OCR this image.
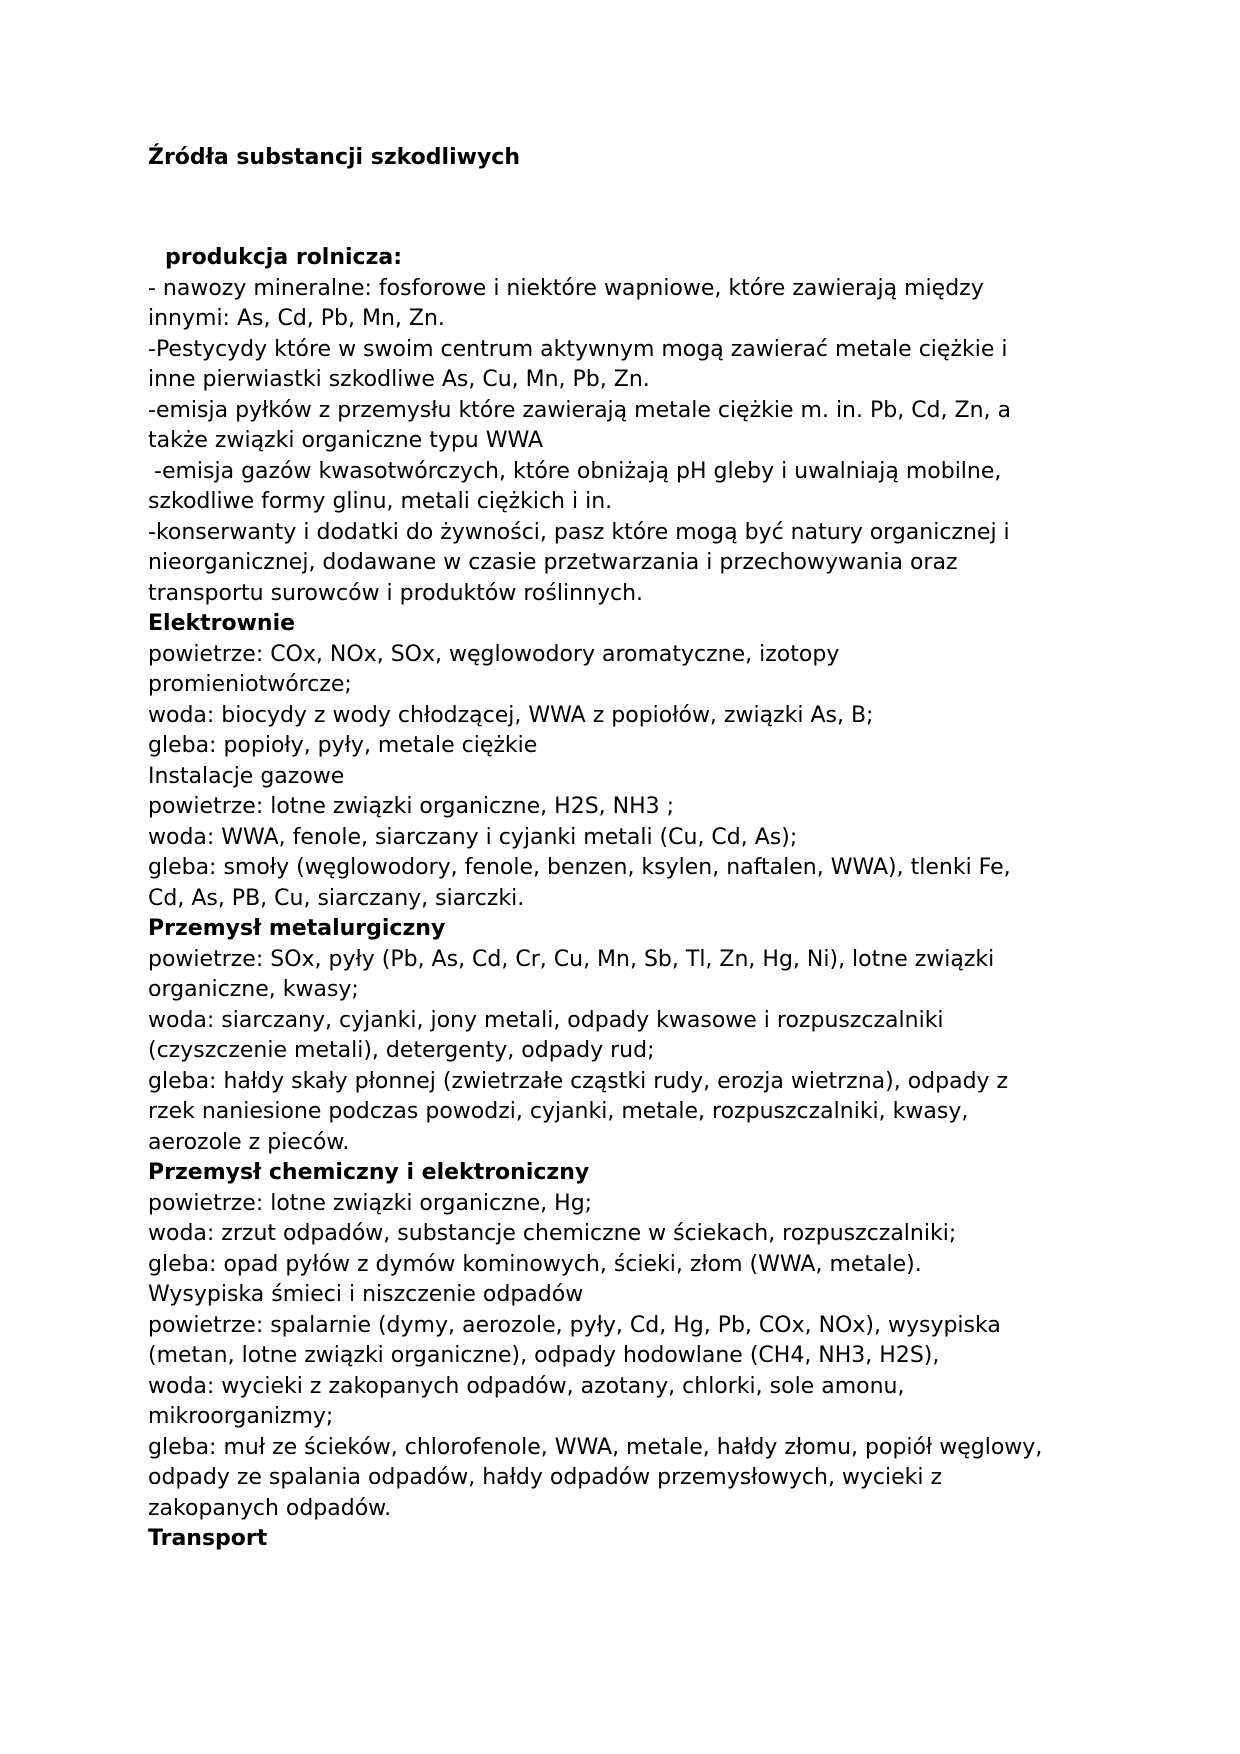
Źródła substancji szkodliwych
produkcja rolnicza:
- nawozy mineralne: fosforowe i niektóre wapniowe, które zawierają między
innymi: As, Cd, Pb, Mn, Zn.
-Pestycydy które w swoim centrum aktywnym mogą zawierać metale ciężkie i
inne pierwiastki szkodliwe As, Cu, Mn, Pb, Zn.
-emisja pyłków z przemysłu które zawierają metale ciężkie m. in. Pb, Cd, Zn, a
także związki organiczne typu WWA
-emisja gazów kwasotwórczych, które obniżają pH gleby i uwalniają mobilne,
szkodliwe formy glinu, metali ciężkich i in.
-konserwanty i dodatki do żywności, pasz które mogą być natury organicznej i
nieorganicznej, dodawane w czasie przetwarzania i przechowywania oraz
transportu surowców i produktów roślinnych.
Elektrownie
powietrze: COx, NOx, SOx, węglowodory aromatyczne, izotopy
promieniotwórcze;
woda: biocydy z wody chłodzącej, WWA z popiołów, związki As, B;
gleba: popioły, pyły, metale ciężkie
Instalacje gazowe
powietrze: lotne związki organiczne, H2S, NH3 ;
woda: WWA, fenole, siarczany i cyjanki metali (Cu, Cd, As);
gleba: smoły (węglowodory, fenole, benzen, ksylen, naftalen, WWA), tlenki Fe,
Cd, As, PB, Cu, siarczany, siarczki.
Przemysł metalurgiczny
powietrze: SOx, pyły (Pb, As, Cd, Cr, Cu, Mn, Sb, Tl, Zn, Hg, Ni), lotne związki
organiczne, kwasy;
woda: siarczany, cyjanki, jony metali, odpady kwasowe i rozpuszczalniki
(czyszczenie metali), detergenty, odpady rud;
gleba: hałdy skały płonnej (zwietrzałe cząstki rudy, erozja wietrzna), odpady z
rzek naniesione podczas powodzi, cyjanki, metale, rozpuszczalniki, kwasy,
aerozole z pieców.
Przemysł chemiczny i elektroniczny
powietrze: lotne związki organiczne, Hg;
woda: zrzut odpadów, substancje chemiczne w ściekach, rozpuszczalniki;
gleba: opad pyłów z dymów kominowych, ścieki, złom (WWA, metale).
Wysypiska śmieci i niszczenie odpadów
powietrze: spalarnie (dymy, aerozole, pyły, Cd, Hg, Pb, COx, NOx), wysypiska
(metan, lotne związki organiczne), odpady hodowlane (CH4, NH3, H2S),
woda: wycieki z zakopanych odpadów, azotany, chlorki, sole amonu,
mikroorganizmy;
gleba: muł ze ścieków, chlorofenole, WWA, metale, hałdy złomu, popiół węglowy,
odpady ze spalania odpadów, hałdy odpadów przemysłowych, wycieki z
zakopanych odpadów.
Transport
